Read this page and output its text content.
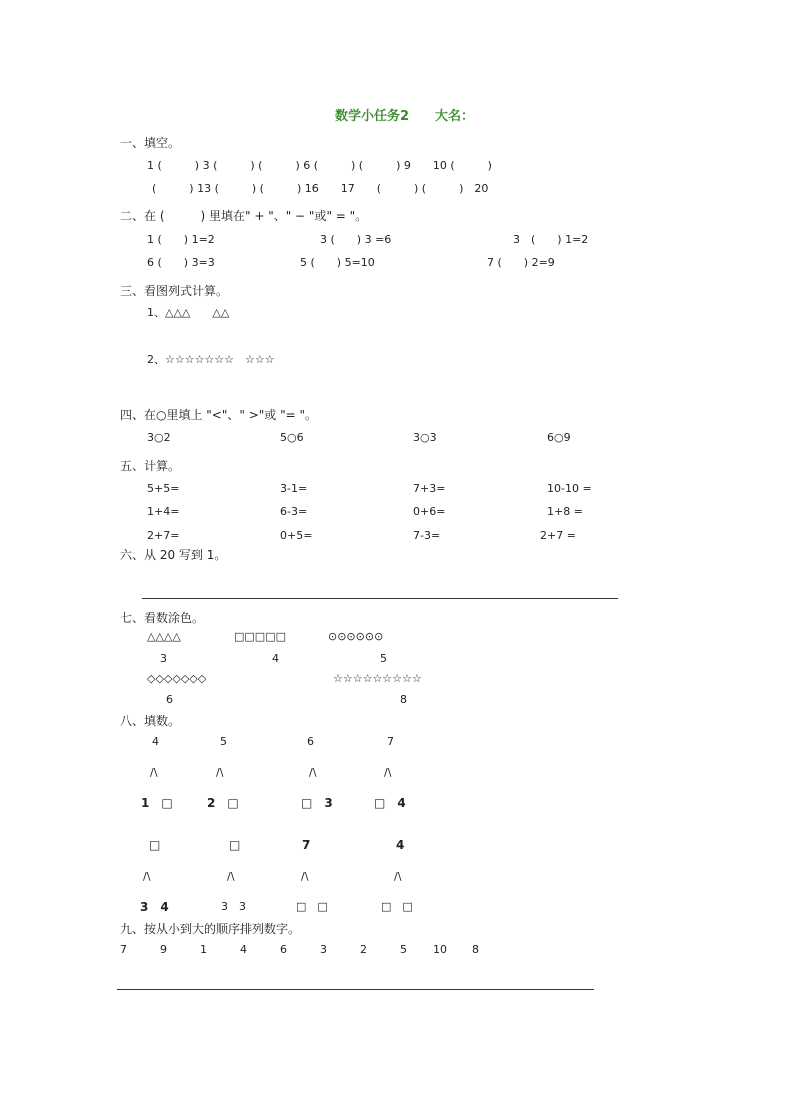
数学小任务2　　大名：
一、填空。
1 (　　　) 3 (　　　) (　　　) 6 (　　　) (　　　) 9　　10 (　　　)
(　　　) 13 (　　　) (　　　) 16　　17　　(　　　) (　　　)　20
二、在 (　　　) 里填在" + "、" − "或" = "。
1 (　　) 1=2	3 (　　) 3 =6	3　(　　) 1=2
6 (　　) 3=3	5 (　　) 5=10	7 (　　) 2=9
三、看图列式计算。
1、△△△　　△△
2、☆☆☆☆☆☆☆　☆☆☆
四、在○里填上 "<"、" >"或 "= "。
3○2	5○6	3○3	6○9
五、计算。
5+5=	3-1=	7+3=	10-10 =
1+4=	6-3=	0+6=	1+8 =
2+7=	0+5=	7-3=	2+7 =
六、从 20 写到 1。
七、看数涂色。
△△△△	□□□□□	⊙⊙⊙⊙⊙⊙
3	4	5
◇◇◇◇◇◇◇	☆☆☆☆☆☆☆☆☆
6	8
八、填数。
4	5	6	7
/\	/\	/\	/\
1　□	2　□	□　3	□　4
□	□	7	4
/\	/\	/\	/\
3　4	3　3	□　□	□　□
九、按从小到大的顺序排列数字。
7	9	1	4	6	3	2	5 10 8
